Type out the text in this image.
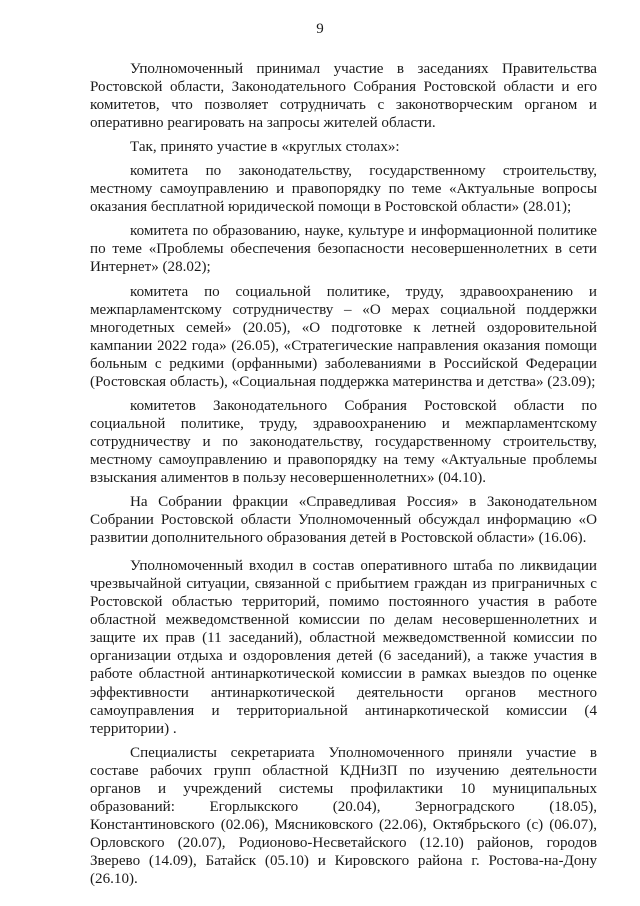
9

Уполномоченный принимал участие в заседаниях Правительства Ростовской области, Законодательного Собрания Ростовской области и его комитетов, что позволяет сотрудничать с законотворческим органом и оперативно реагировать на запросы жителей области.

Так, принято участие в «круглых столах»:

комитета по законодательству, государственному строительству, местному самоуправлению и правопорядку по теме «Актуальные вопросы оказания бесплатной юридической помощи в Ростовской области» (28.01);

комитета по образованию, науке, культуре и информационной политике по теме «Проблемы обеспечения безопасности несовершеннолетних в сети Интернет» (28.02);

комитета по социальной политике, труду, здравоохранению и межпарламентскому сотрудничеству – «О мерах социальной поддержки многодетных семей» (20.05), «О подготовке к летней оздоровительной кампании 2022 года» (26.05), «Стратегические направления оказания помощи больным с редкими (орфанными) заболеваниями в Российской Федерации (Ростовская область), «Социальная поддержка материнства и детства» (23.09);

комитетов Законодательного Собрания Ростовской области по социальной политике, труду, здравоохранению и межпарламентскому сотрудничеству и по законодательству, государственному строительству, местному самоуправлению и правопорядку на тему «Актуальные проблемы взыскания алиментов в пользу несовершеннолетних» (04.10).

На Собрании фракции «Справедливая Россия» в Законодательном Собрании Ростовской области Уполномоченный обсуждал информацию «О развитии дополнительного образования детей в Ростовской области» (16.06).

Уполномоченный входил в состав оперативного штаба по ликвидации чрезвычайной ситуации, связанной с прибытием граждан из приграничных с Ростовской областью территорий, помимо постоянного участия в работе областной межведомственной комиссии по делам несовершеннолетних и защите их прав (11 заседаний), областной межведомственной комиссии по организации отдыха и оздоровления детей (6 заседаний), а также участия в работе областной антинаркотической комиссии в рамках выездов по оценке эффективности антинаркотической деятельности органов местного самоуправления и территориальной антинаркотической комиссии (4 территории) .

Специалисты секретариата Уполномоченного приняли участие в составе рабочих групп областной КДНиЗП по изучению деятельности органов и учреждений системы профилактики 10 муниципальных образований: Егорлыкского (20.04), Зерноградского (18.05), Константиновского (02.06), Мясниковского (22.06), Октябрьского (с) (06.07), Орловского (20.07), Родионово-Несветайского (12.10) районов, городов Зверево (14.09), Батайск (05.10) и Кировского района г. Ростова-на-Дону (26.10).
